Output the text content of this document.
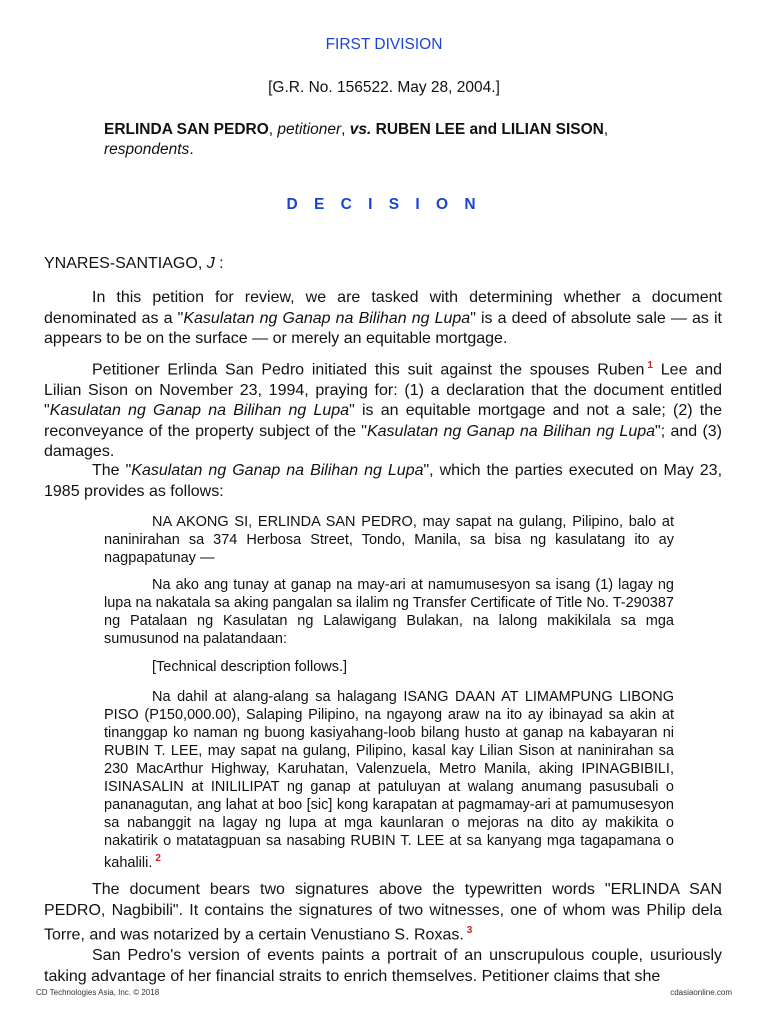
FIRST DIVISION
[G.R. No. 156522. May 28, 2004.]
ERLINDA SAN PEDRO, petitioner, vs. RUBEN LEE and LILIAN SISON,
respondents.
D E C I S I O N
YNARES-SANTIAGO, J :

In this petition for review, we are tasked with determining whether a document denominated as a "Kasulatan ng Ganap na Bilihan ng Lupa" is a deed of absolute sale — as it appears to be on the surface — or merely an equitable mortgage.

Petitioner Erlinda San Pedro initiated this suit against the spouses Ruben $^1$ Lee and Lilian Sison on November 23, 1994, praying for: (1) a declaration that the document entitled "Kasulatan ng Ganap na Bilihan ng Lupa" is an equitable mortgage and not a sale; (2) the reconveyance of the property subject of the "Kasulatan ng Ganap na Bilihan ng Lupa"; and (3) damages.

The "Kasulatan ng Ganap na Bilihan ng Lupa", which the parties executed on May 23, 1985 provides as follows:

NA AKONG SI, ERLINDA SAN PEDRO, may sapat na gulang, Pilipino, balo at naninirahan sa 374 Herbosa Street, Tondo, Manila, sa bisa ng kasulatang ito ay nagpapatunay —

Na ako ang tunay at ganap na may-ari at namumusesyon sa isang (1) lagay ng lupa na nakatala sa aking pangalan sa ilalim ng Transfer Certificate of Title No. T-290387 ng Patalaan ng Kasulatan ng Lalawigang Bulakan, na lalong makikilala sa mga sumusunod na palatandaan:

[Technical description follows.]

Na dahil at alang-alang sa halagang ISANG DAAN AT LIMAMPUNG LIBONG PISO (P150,000.00), Salaping Pilipino, na ngayong araw na ito ay ibinayad sa akin at tinanggap ko naman ng buong kasiyahang-loob bilang husto at ganap na kabayaran ni RUBIN T. LEE, may sapat na gulang, Pilipino, kasal kay Lilian Sison at naninirahan sa 230 MacArthur Highway, Karuhatan, Valenzuela, Metro Manila, aking IPINAGBIBILI, ISINASALIN at INILILIPAT ng ganap at patuluyan at walang anumang pasusubali o pananagutan, ang lahat at boo [sic] kong karapatan at pagmamay-ari at pamumusesyon sa nabanggit na lagay ng lupa at mga kaunlaran o mejoras na dito ay makikita o nakatirik o matatagpuan sa nasabing RUBIN T. LEE at sa kanyang mga tagapamana o kahalili. $^2$

The document bears two signatures above the typewritten words "ERLINDA SAN PEDRO, Nagbibili". It contains the signatures of two witnesses, one of whom was Philip dela Torre, and was notarized by a certain Venustiano S. Roxas. $^3$

San Pedro's version of events paints a portrait of an unscrupulous couple, usuriously taking advantage of her financial straits to enrich themselves. Petitioner claims that she

CD Technologies Asia, Inc. © 2018	cdasiaonline.com
